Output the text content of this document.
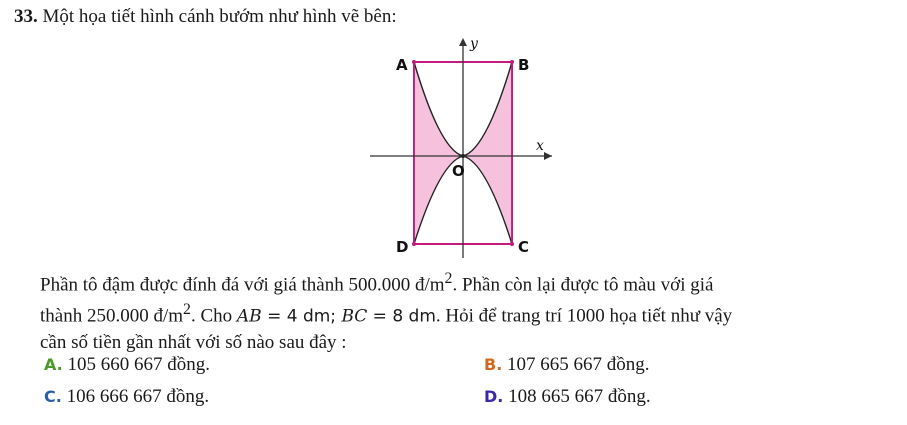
33. Một họa tiết hình cánh bướm như hình vẽ bên:
A	B
C
D
O
x
y
Phần tô đậm được đính đá với giá thành 500.000 $đ/m^2$. Phần còn lại được tô màu với giá
thành 250.000 $đ/m^2$. Cho AB = 4 dm; BC = 8 dm. Hỏi để trang trí 1000 họa tiết như vậy
cần số tiền gần nhất với số nào sau đây :
A. 105 660 667 đồng.	B. 107 665 667 đồng.
C. 106 666 667 đồng.	D. 108 665 667 đồng.
